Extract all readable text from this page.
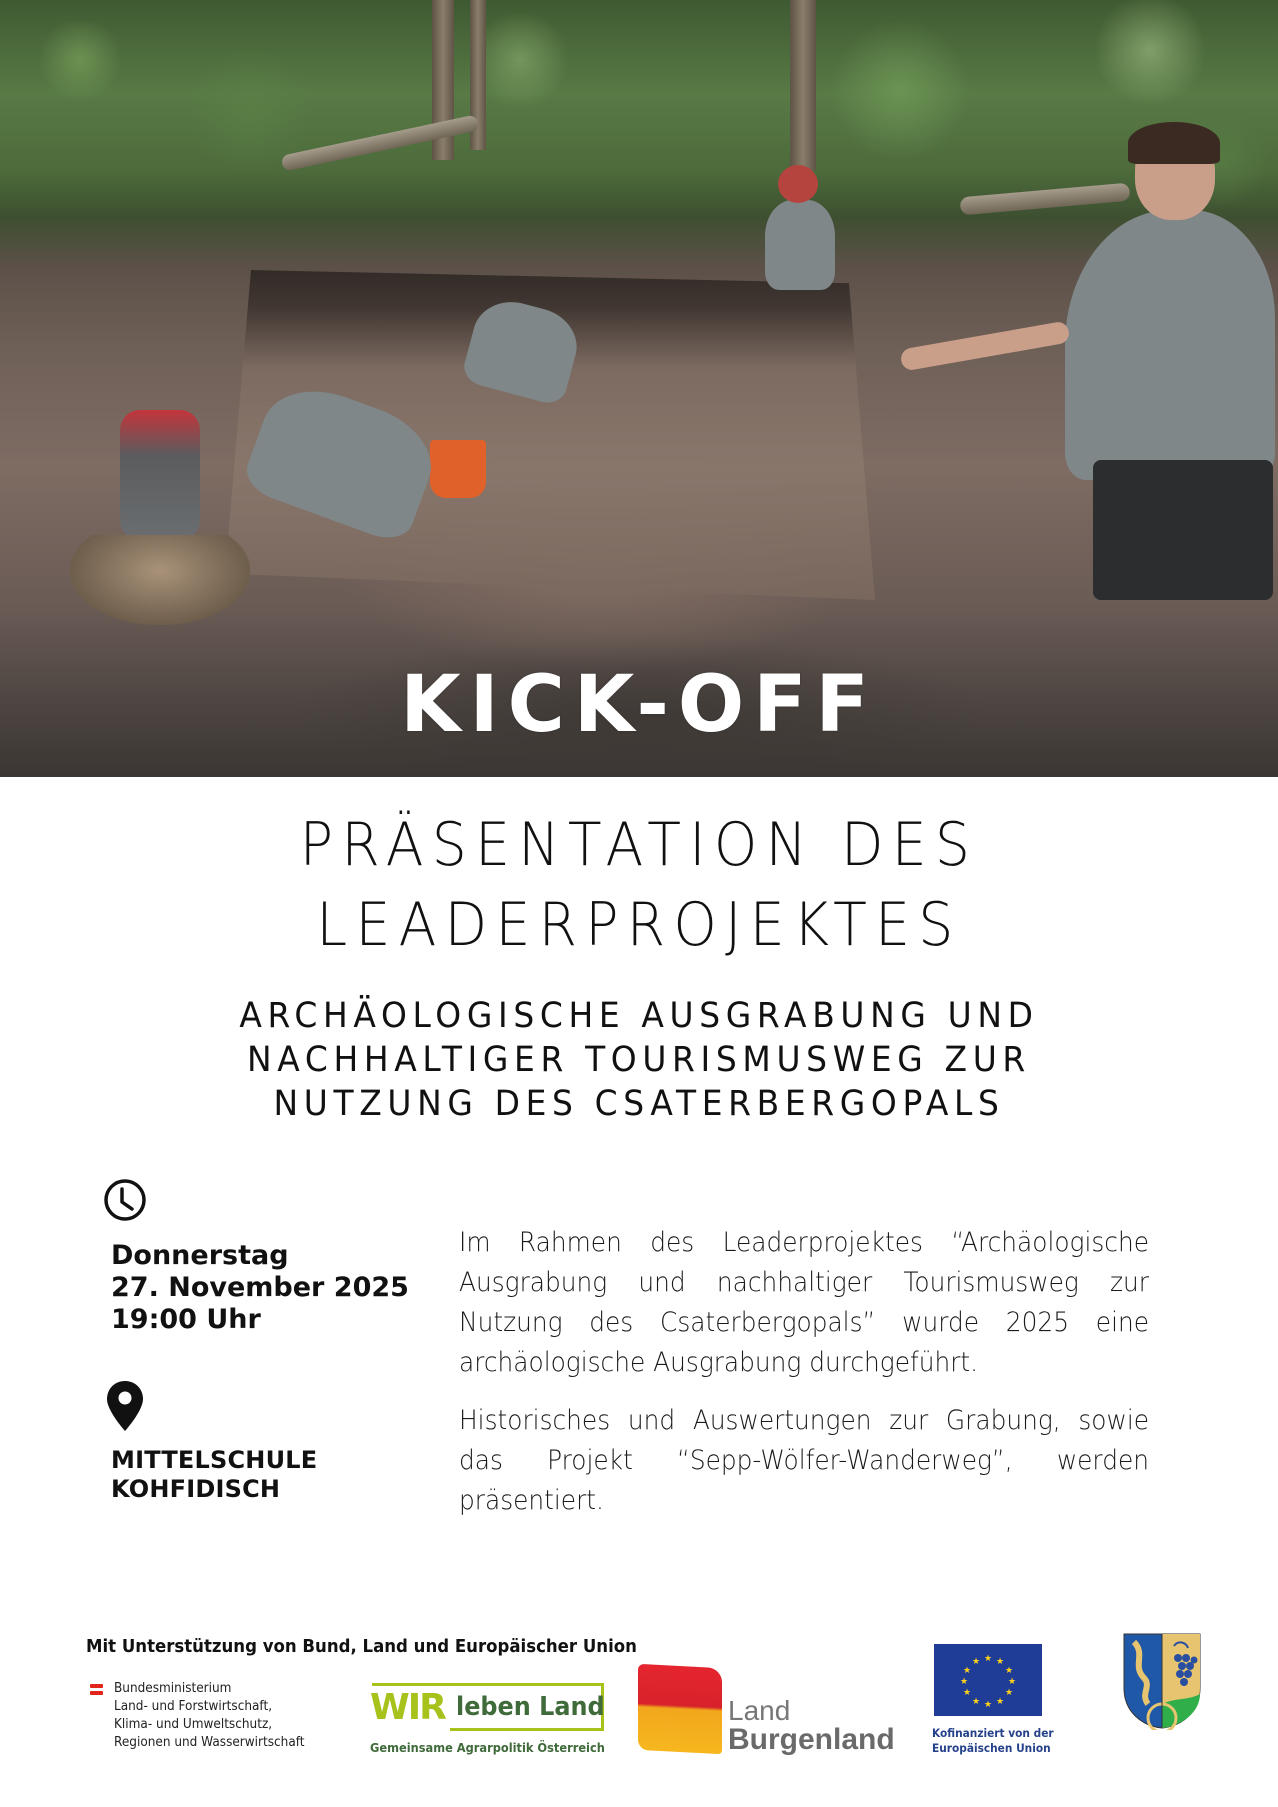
KICK-OFF
PRÄSENTATION DES
LEADERPROJEKTES
ARCHÄOLOGISCHE AUSGRABUNG UND
NACHHALTIGER TOURISMUSWEG ZUR
NUTZUNG DES CSATERBERGOPALS
Donnerstag
27. November 2025
19:00 Uhr
MITTELSCHULE
KOHFIDISCH

Im Rahmen des Leaderprojektes “Archäologische Ausgrabung und nachhaltiger Tourismusweg zur Nutzung des Csaterbergopals” wurde 2025 eine archäologische Ausgrabung durchgeführt.

Historisches und Auswertungen zur Grabung, sowie das Projekt “Sepp-Wölfer-Wanderweg”, werden präsentiert.

Mit Unterstützung von Bund, Land und Europäischer Union
Bundesministerium
Land- und Forstwirtschaft,
Klima- und Umweltschutz,
Regionen und Wasserwirtschaft
WIR leben Land
Gemeinsame Agrarpolitik Österreich
Land
Burgenland
★ ★
★
★
★
★
★
★
★
★
★
★
Kofinanziert von der
Europäischen Union
